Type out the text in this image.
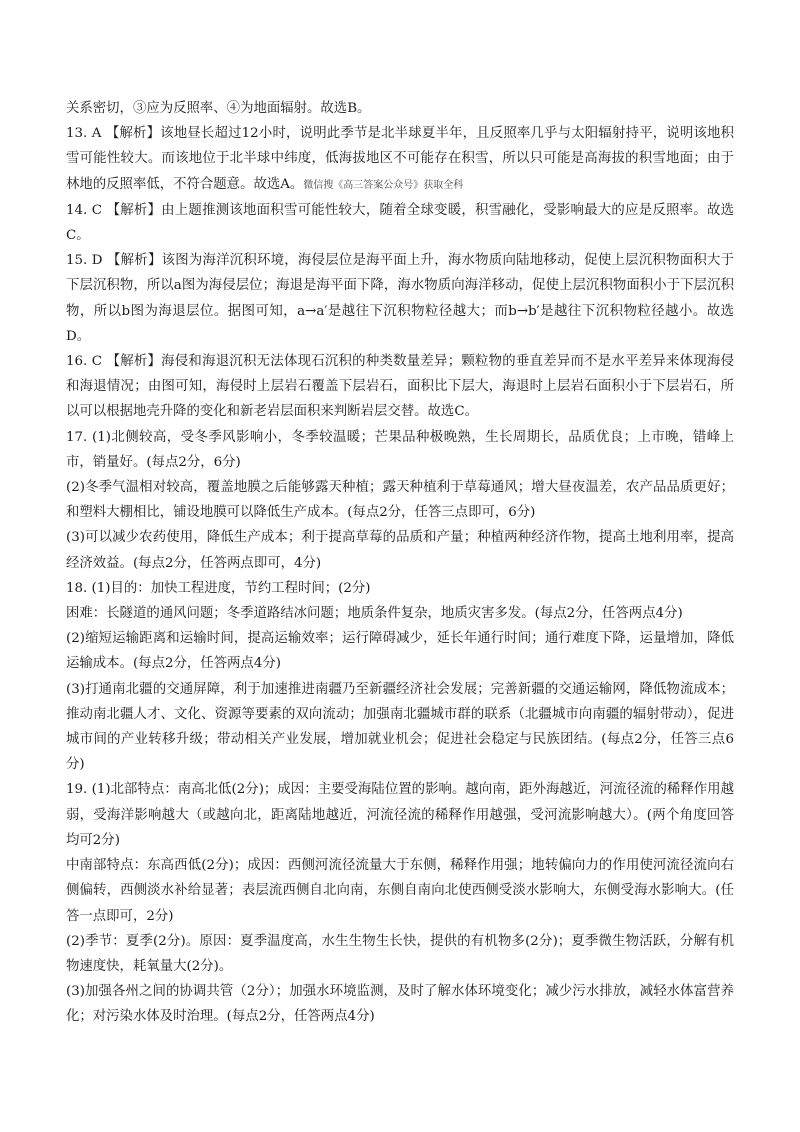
关系密切，③应为反照率、④为地面辐射。故选B。

13. A 【解析】该地昼长超过12小时，说明此季节是北半球夏半年，且反照率几乎与太阳辐射持平，说明该地积雪可能性较大。而该地位于北半球中纬度，低海拔地区不可能存在积雪，所以只可能是高海拔的积雪地面；由于林地的反照率低，不符合题意。故选A。微信搜《高三答案公众号》获取全科

14. C 【解析】由上题推测该地面积雪可能性较大，随着全球变暖，积雪融化，受影响最大的应是反照率。故选C。

15. D 【解析】该图为海洋沉积环境，海侵层位是海平面上升，海水物质向陆地移动，促使上层沉积物面积大于下层沉积物，所以a图为海侵层位；海退是海平面下降，海水物质向海洋移动，促使上层沉积物面积小于下层沉积物，所以b图为海退层位。据图可知，a→a′是越往下沉积物粒径越大；而b→b′是越往下沉积物粒径越小。故选D。

16. C 【解析】海侵和海退沉积无法体现石沉积的种类数量差异；颗粒物的垂直差异而不是水平差异来体现海侵和海退情况；由图可知，海侵时上层岩石覆盖下层岩石，面积比下层大，海退时上层岩石面积小于下层岩石，所以可以根据地壳升降的变化和新老岩层面积来判断岩层交替。故选C。

17. (1)北侧较高，受冬季风影响小，冬季较温暖；芒果品种极晚熟，生长周期长，品质优良；上市晚，错峰上市，销量好。(每点2分，6分)

(2)冬季气温相对较高，覆盖地膜之后能够露天种植；露天种植利于草莓通风；增大昼夜温差，农产品品质更好；和塑料大棚相比，铺设地膜可以降低生产成本。(每点2分，任答三点即可，6分)

(3)可以减少农药使用，降低生产成本；利于提高草莓的品质和产量；种植两种经济作物，提高土地利用率，提高经济效益。(每点2分，任答两点即可，4分)

18. (1)目的：加快工程进度，节约工程时间；(2分)

困难：长隧道的通风问题；冬季道路结冰问题；地质条件复杂，地质灾害多发。(每点2分，任答两点4分)

(2)缩短运输距离和运输时间，提高运输效率；运行障碍减少，延长年通行时间；通行难度下降，运量增加，降低运输成本。(每点2分，任答两点4分)

(3)打通南北疆的交通屏障，利于加速推进南疆乃至新疆经济社会发展；完善新疆的交通运输网，降低物流成本；推动南北疆人才、文化、资源等要素的双向流动；加强南北疆城市群的联系（北疆城市向南疆的辐射带动），促进城市间的产业转移升级；带动相关产业发展，增加就业机会；促进社会稳定与民族团结。(每点2分，任答三点6分)

19. (1)北部特点：南高北低(2分)；成因：主要受海陆位置的影响。越向南，距外海越近，河流径流的稀释作用越弱，受海洋影响越大（或越向北，距离陆地越近，河流径流的稀释作用越强，受河流影响越大）。(两个角度回答均可2分)

中南部特点：东高西低(2分)；成因：西侧河流径流量大于东侧，稀释作用强；地转偏向力的作用使河流径流向右侧偏转，西侧淡水补给显著；表层流西侧自北向南，东侧自南向北使西侧受淡水影响大，东侧受海水影响大。(任答一点即可，2分)

(2)季节：夏季(2分)。原因：夏季温度高，水生生物生长快，提供的有机物多(2分)；夏季微生物活跃，分解有机物速度快，耗氧量大(2分)。

(3)加强各州之间的协调共管（2分）；加强水环境监测，及时了解水体环境变化；减少污水排放，减轻水体富营养化；对污染水体及时治理。(每点2分，任答两点4分)
